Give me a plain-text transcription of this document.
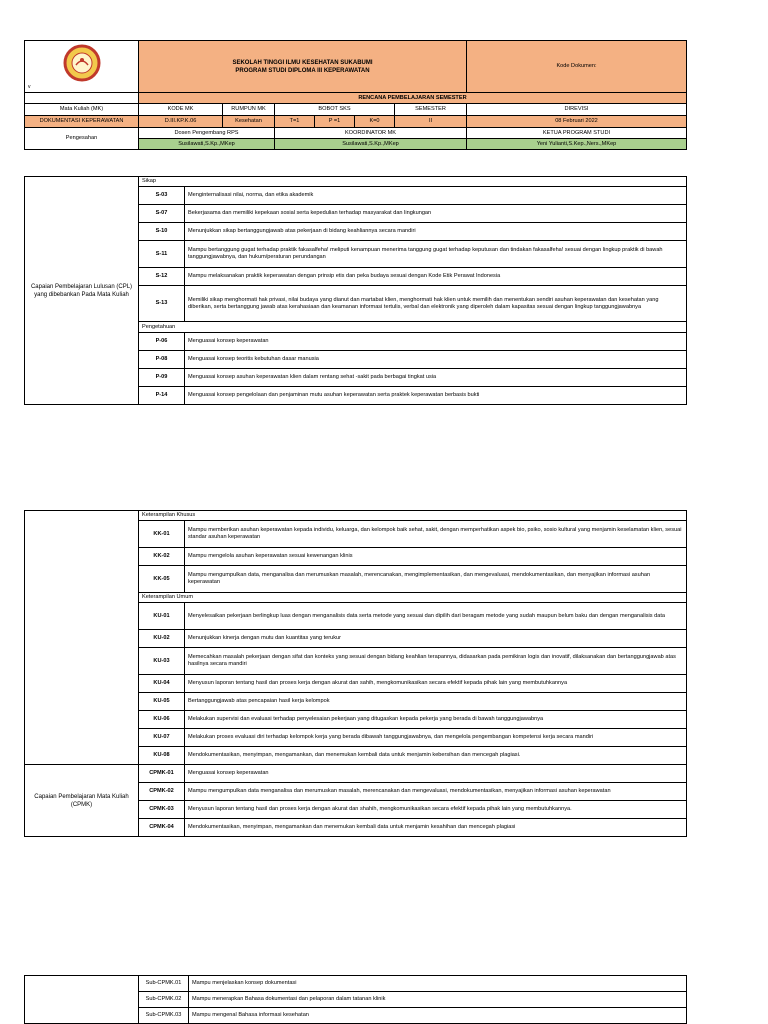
v	SEKOLAH TINGGI ILMU KESEHATAN SUKABUMI
PROGRAM STUDI DIPLOMA III KEPERAWATAN						Kode Dokumen:
	RENCANA PEMBELAJARAN SEMESTER						
Mata Kuliah (MK)	KODE MK	RUMPUN MK	BOBOT SKS			SEMESTER	DIREVISI
DOKUMENTASI KEPERAWATAN	D.III.KP.K.06	Kesehatan	T=1	P =1	K=0	II	08 Februari 2022
Pengesahan	Dosen Pengembang RPS		KOORDINATOR MK				KETUA PROGRAM STUDI
	Susilawati,S.Kp.,MKep		Susilawati,S.Kp.,MKep				Yeni Yulianti,S.Kep.,Ners.,MKep
Capaian Pembelajaran Lulusan (CPL) yang dibebankan Pada Mata Kuliah	Sikap	
	S-03	Menginternalisasi nilai, norma, dan etika akademik
	S-07	Bekerjasama dan memiliki kepekaan sosial serta kepedulian terhadap masyarakat dan lingkungan
	S-10	Menunjukkan sikap bertanggungjawab atas pekerjaan di bidang keahliannya secara mandiri
	S-11	Mampu bertanggung gugat terhadap praktik fakasalfeha! meliputi kenampuan menerima tanggung gugat terhadap keputusan dan tindakan fakasalfeha! sesuai dengan lingkup praktik di bawah tanggungjawabnya, dan hukum/peraturan perundangan
	S-12	Mampu melaksanakan praktik keperawatan dengan prinsip etis dan peka budaya sesuai dengan Kode Etik Perawat Indonesia
	S-13	Memiliki sikap menghormati hak privasi, nilai budaya yang dianut dan martabat klien, menghormati hak klien untuk memilih dan menentukan sendiri asuhan keperawatan dan kesehatan yang diberikan, serta bertanggung jawab atas kerahasiaan dan keamanan informasi tertulis, verbal dan elektronik yang diperoleh dalam kapasitas sesuai dengan lingkup tanggungjawabnya
	Pengetahuan	
	P-06	Menguasai konsep keperawatan
	P-08	Menguasai konsep teoritis kebutuhan dasar manusia
	P-09	Menguasai konsep asuhan keperawatan klien dalam rentang sehat -sakit pada berbagai tingkat usia
	P-14	Menguasai konsep pengelolaan dan penjaminan mutu asuhan keperawatan serta praktek keperawatan berbasis bukti
	Keterampilan Khusus	
	KK-01	Mampu memberikan asuhan keperawatan kepada individu, keluarga, dan kelompok baik sehat, sakit, dengan memperhatikan aspek bio, psiko, sosio kultural yang menjamin keselamatan klien, sesuai standar asuhan keperawatan
	KK-02	Mampu mengelola asuhan keperawatan sesuai kewenangan klinis
	KK-05	Mampu mengumpulkan data, menganalisa dan merumuskan masalah, merencanakan, mengimplementasikan, dan mengevaluasi, mendokumentasikan, dan menyajikan informasi asuhan keperawatan
	Keterampilan Umum	
	KU-01	Menyelesaikan pekerjaan berlingkup luas dengan menganalisis data serta metode yang sesuai dan dipilih dari beragam metode yang sudah maupun belum baku dan dengan menganalisis data
	KU-02	Menunjukkan kinerja dengan mutu dan kuantitas yang terukur
	KU-03	Memecahkan masalah pekerjaan dengan sifat dan konteks yang sesuai dengan bidang keahlian terapannya, didasarkan pada pemikiran logis dan inovatif, dilaksanakan dan bertanggungjawab atas hasilnya secara mandiri
	KU-04	Menyusun laporan tentang hasil dan proses kerja dengan akurat dan sahih, mengkomunikasikan secara efektif kepada pihak lain yang membutuhkannya
	KU-05	Bertanggungjawab atas pencapaian hasil kerja kelompok
	KU-06	Melakukan supervisi dan evaluasi terhadap penyelesaian pekerjaan yang ditugaskan kepada pekerja yang berada di bawah tanggungjawabnya
	KU-07	Melakukan proses evaluasi diri terhadap kelompok kerja yang berada dibawah tanggungjawabnya, dan mengelola pengembangan kompetensi kerja secara mandiri
	KU-08	Mendokumentasikan, menyimpan, mengamankan, dan menemukan kembali data untuk menjamin kebersihan dan mencegah plagiasi.
Capaian Pembelajaran Mata Kuliah (CPMK)	CPMK-01	Menguasai konsep keperawatan
	CPMK-02	Mampu mengumpulkan data menganalisa dan merumuskan masalah, merencanakan dan mengevaluasi, mendokumentasikan, menyajikan informasi asuhan keperawatan
	CPMK-03	Menyusun laporan tentang hasil dan proses kerja dengan akurat dan shahih, mengkomunikasikan secara efektif kepada pihak lain yang membutuhkannya.
	CPMK-04	Mendokumentasikan, menyimpan, mengamankan dan menemukan kembali data untuk menjamin kesahihan dan mencegah plagiasi
	Sub-CPMK.01	Mampu menjelaskan konsep dokumentasi
	Sub-CPMK.02	Mampu menerapkan Bahasa dokumentasi dan pelaporan dalam tatanan klinik
	Sub-CPMK.03	Mampu mengenal Bahasa informasi kesehatan
